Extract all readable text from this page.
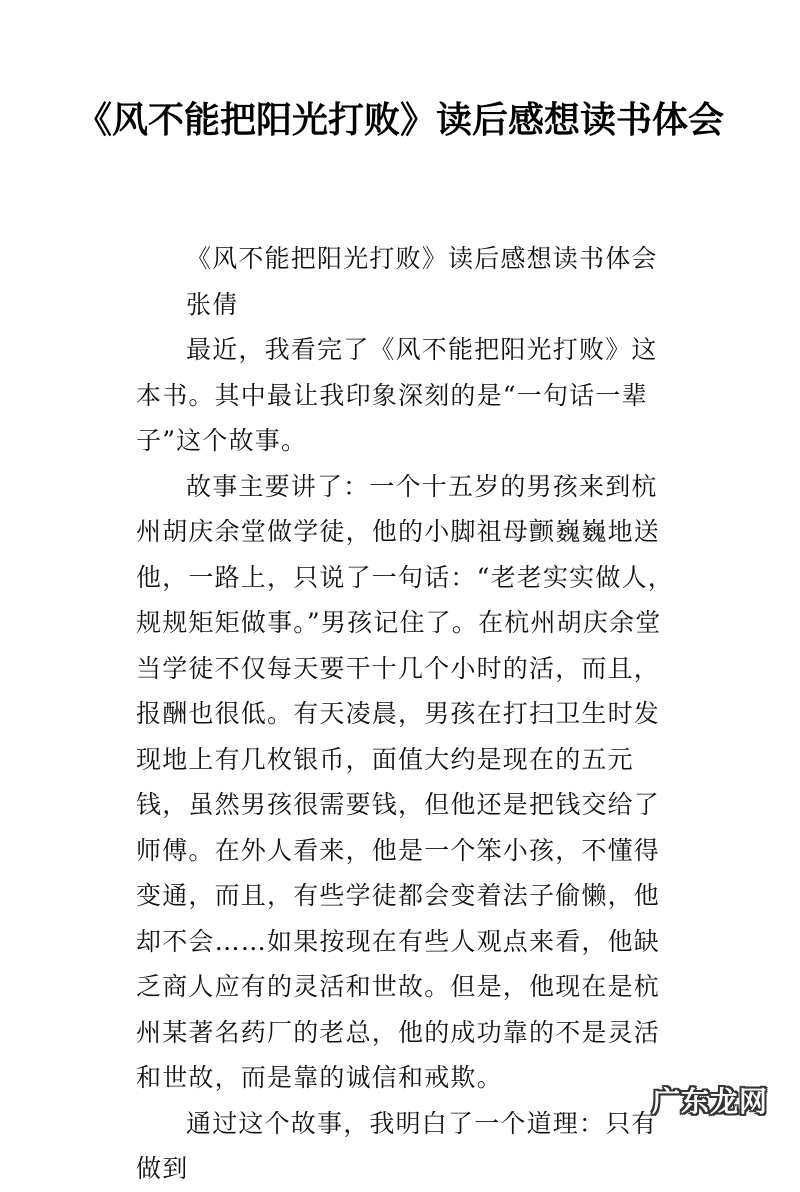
《风不能把阳光打败》读后感想读书体会

《风不能把阳光打败》读后感想读书体会

张倩

最近，我看完了《风不能把阳光打败》这本书。其中最让我印象深刻的是“一句话一辈子”这个故事。

故事主要讲了：一个十五岁的男孩来到杭州胡庆余堂做学徒，他的小脚祖母颤巍巍地送他，一路上，只说了一句话：“老老实实做人，规规矩矩做事。”男孩记住了。在杭州胡庆余堂当学徒不仅每天要干十几个小时的活，而且，报酬也很低。有天凌晨，男孩在打扫卫生时发现地上有几枚银币，面值大约是现在的五元钱，虽然男孩很需要钱，但他还是把钱交给了师傅。在外人看来，他是一个笨小孩，不懂得变通，而且，有些学徒都会变着法子偷懒，他却不会……如果按现在有些人观点来看，他缺乏商人应有的灵活和世故。但是，他现在是杭州某著名药厂的老总，他的成功靠的不是灵活和世故，而是靠的诚信和戒欺。

通过这个故事，我明白了一个道理：只有做到

广东龙网
